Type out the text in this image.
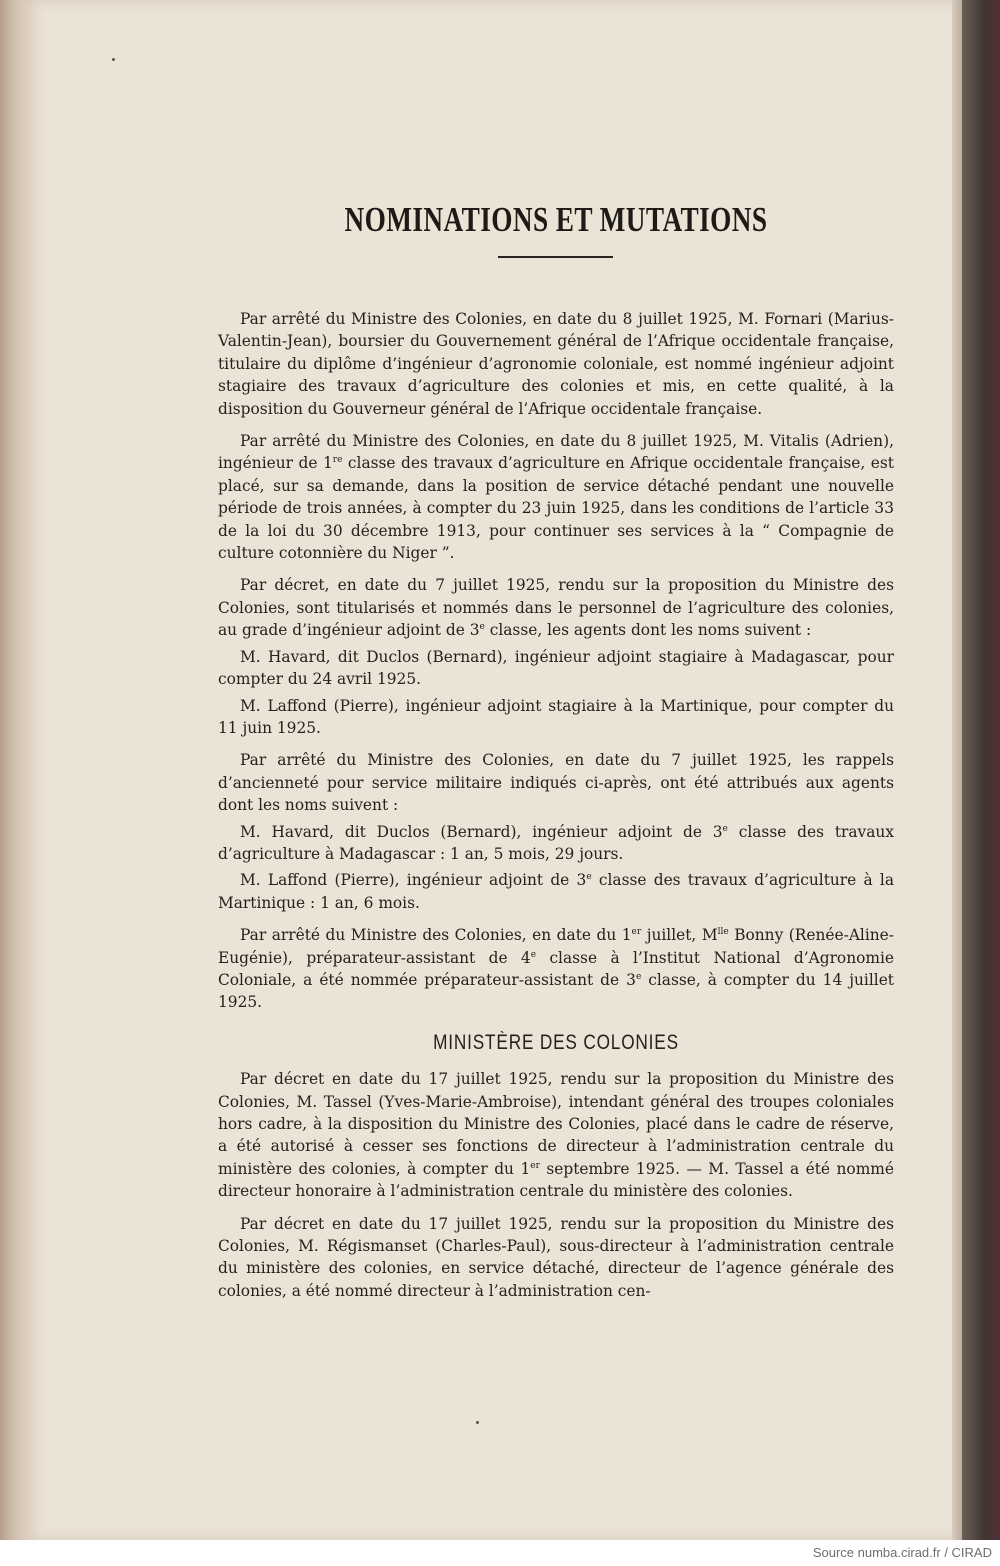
NOMINATIONS ET MUTATIONS

Par arrêté du Ministre des Colonies, en date du 8 juillet 1925, M. Fornari (Marius-Valentin-Jean), boursier du Gouvernement général de l’Afrique occidentale française, titulaire du diplôme d’ingénieur d’agronomie coloniale, est nommé ingénieur adjoint stagiaire des travaux d’agriculture des colonies et mis, en cette qualité, à la disposition du Gouverneur général de l’Afrique occidentale française.

Par arrêté du Ministre des Colonies, en date du 8 juillet 1925, M. Vitalis (Adrien), ingénieur de 1re classe des travaux d’agriculture en Afrique occidentale française, est placé, sur sa demande, dans la position de service détaché pendant une nouvelle période de trois années, à compter du 23 juin 1925, dans les conditions de l’article 33 de la loi du 30 décembre 1913, pour continuer ses services à la “ Compagnie de culture cotonnière du Niger ”.

Par décret, en date du 7 juillet 1925, rendu sur la proposition du Ministre des Colonies, sont titularisés et nommés dans le personnel de l’agriculture des colonies, au grade d’ingénieur adjoint de 3e classe, les agents dont les noms suivent :

M. Havard, dit Duclos (Bernard), ingénieur adjoint stagiaire à Madagascar, pour compter du 24 avril 1925.

M. Laffond (Pierre), ingénieur adjoint stagiaire à la Martinique, pour compter du 11 juin 1925.

Par arrêté du Ministre des Colonies, en date du 7 juillet 1925, les rappels d’ancienneté pour service militaire indiqués ci-après, ont été attribués aux agents dont les noms suivent :

M. Havard, dit Duclos (Bernard), ingénieur adjoint de 3e classe des travaux d’agriculture à Madagascar : 1 an, 5 mois, 29 jours.

M. Laffond (Pierre), ingénieur adjoint de 3e classe des travaux d’agriculture à la Martinique : 1 an, 6 mois.

Par arrêté du Ministre des Colonies, en date du 1er juillet, $M^{lle}$ Bonny (Renée-Aline-Eugénie), préparateur-assistant de 4e classe à l’Institut National d’Agronomie Coloniale, a été nommée préparateur-assistant de 3e classe, à compter du 14 juillet 1925.

MINISTÈRE DES COLONIES

Par décret en date du 17 juillet 1925, rendu sur la proposition du Ministre des Colonies, M. Tassel (Yves-Marie-Ambroise), intendant général des troupes coloniales hors cadre, à la disposition du Ministre des Colonies, placé dans le cadre de réserve, a été autorisé à cesser ses fonctions de directeur à l’administration centrale du ministère des colonies, à compter du 1er septembre 1925. — M. Tassel a été nommé directeur honoraire à l’administration centrale du ministère des colonies.

Par décret en date du 17 juillet 1925, rendu sur la proposition du Ministre des Colonies, M. Régismanset (Charles-Paul), sous-directeur à l’administration centrale du ministère des colonies, en service détaché, directeur de l’agence générale des colonies, a été nommé directeur à l’administration cen-

Source numba.cirad.fr / CIRAD
